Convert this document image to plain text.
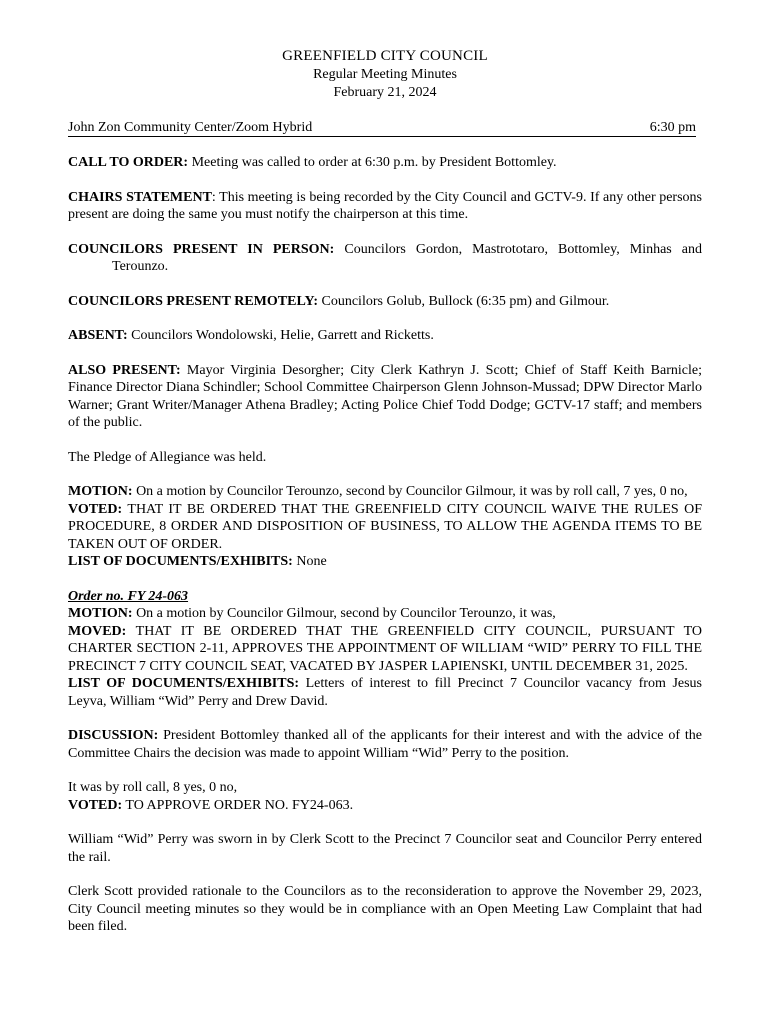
GREENFIELD CITY COUNCIL
Regular Meeting Minutes
February 21, 2024
John Zon Community Center/Zoom Hybrid	6:30 pm

CALL TO ORDER: Meeting was called to order at 6:30 p.m. by President Bottomley.

CHAIRS STATEMENT: This meeting is being recorded by the City Council and GCTV-9. If any other persons present are doing the same you must notify the chairperson at this time.

COUNCILORS PRESENT IN PERSON: Councilors Gordon, Mastrototaro, Bottomley, Minhas and Terounzo.

COUNCILORS PRESENT REMOTELY: Councilors Golub, Bullock (6:35 pm) and Gilmour.

ABSENT: Councilors Wondolowski, Helie, Garrett and Ricketts.

ALSO PRESENT: Mayor Virginia Desorgher; City Clerk Kathryn J. Scott; Chief of Staff Keith Barnicle; Finance Director Diana Schindler; School Committee Chairperson Glenn Johnson-Mussad; DPW Director Marlo Warner; Grant Writer/Manager Athena Bradley; Acting Police Chief Todd Dodge; GCTV-17 staff; and members of the public.

The Pledge of Allegiance was held.

MOTION: On a motion by Councilor Terounzo, second by Councilor Gilmour, it was by roll call, 7 yes, 0 no,

VOTED: THAT IT BE ORDERED THAT THE GREENFIELD CITY COUNCIL WAIVE THE RULES OF PROCEDURE, 8 ORDER AND DISPOSITION OF BUSINESS, TO ALLOW THE AGENDA ITEMS TO BE TAKEN OUT OF ORDER.

LIST OF DOCUMENTS/EXHIBITS: None

Order no. FY 24-063

MOTION: On a motion by Councilor Gilmour, second by Councilor Terounzo, it was,

MOVED: THAT IT BE ORDERED THAT THE GREENFIELD CITY COUNCIL, PURSUANT TO CHARTER SECTION 2-11, APPROVES THE APPOINTMENT OF WILLIAM “WID” PERRY TO FILL THE PRECINCT 7 CITY COUNCIL SEAT, VACATED BY JASPER LAPIENSKI, UNTIL DECEMBER 31, 2025.

LIST OF DOCUMENTS/EXHIBITS: Letters of interest to fill Precinct 7 Councilor vacancy from Jesus Leyva, William “Wid” Perry and Drew David.

DISCUSSION: President Bottomley thanked all of the applicants for their interest and with the advice of the Committee Chairs the decision was made to appoint William “Wid” Perry to the position.

It was by roll call, 8 yes, 0 no,

VOTED: TO APPROVE ORDER NO. FY24-063.

William “Wid” Perry was sworn in by Clerk Scott to the Precinct 7 Councilor seat and Councilor Perry entered the rail.

Clerk Scott provided rationale to the Councilors as to the reconsideration to approve the November 29, 2023, City Council meeting minutes so they would be in compliance with an Open Meeting Law Complaint that had been filed.
